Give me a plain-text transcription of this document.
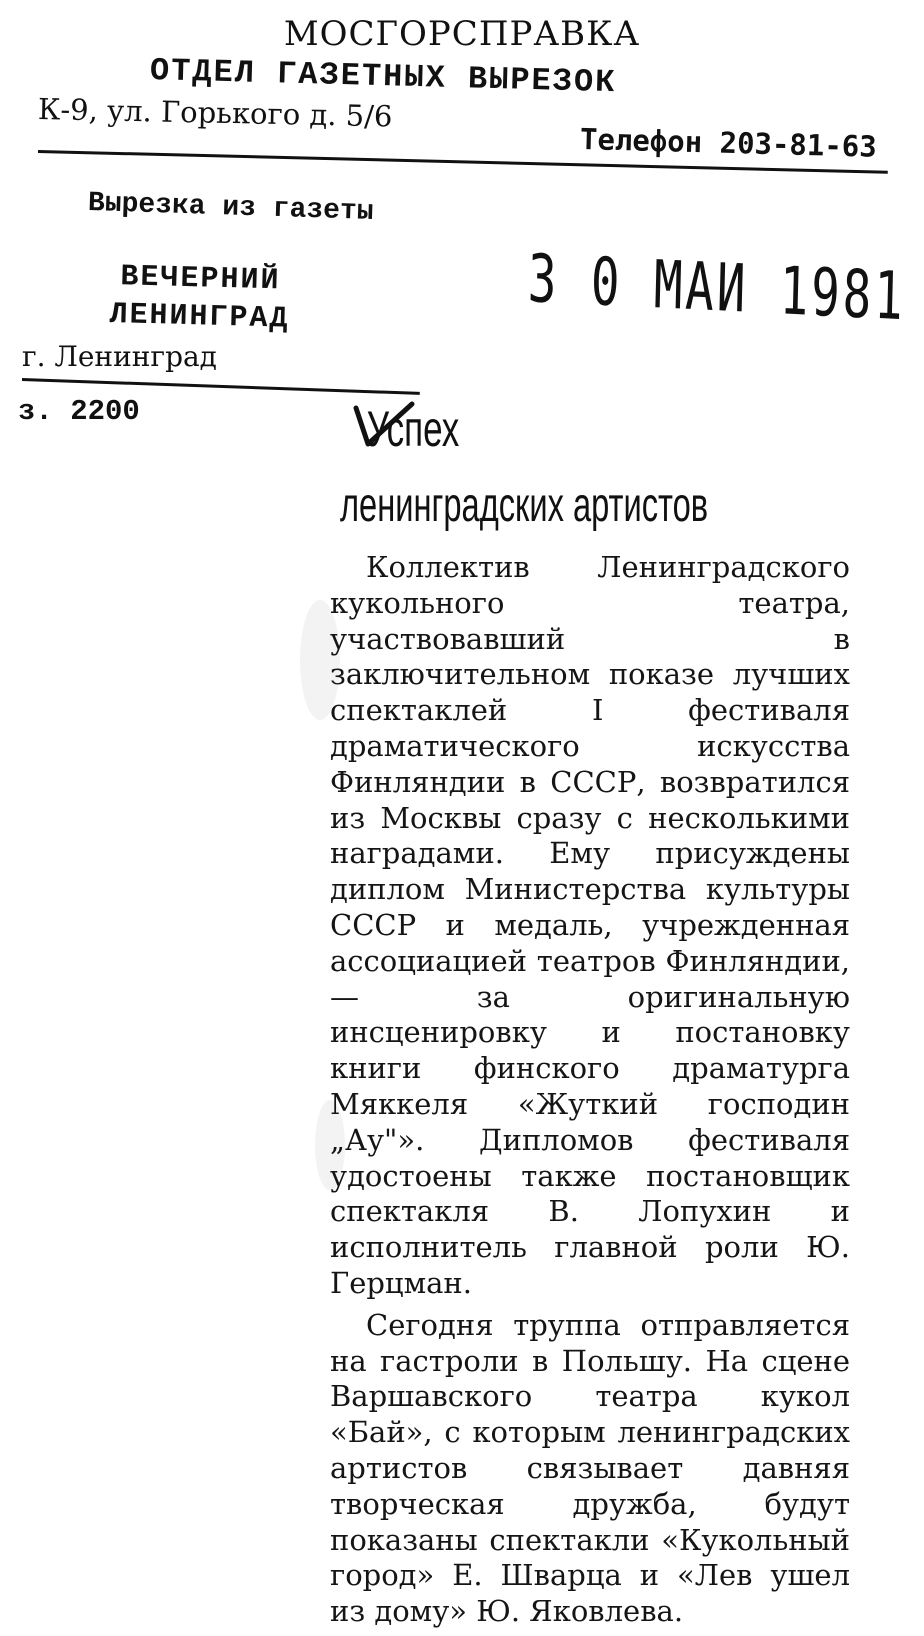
МОСГОРСПРАВКА
ОТДЕЛ ГАЗЕТНЫХ ВЫРЕЗОК
К-9, ул. Горького д. 5/6
Телефон 203-81-63
Вырезка из газеты
ВЕЧЕРНИЙ
ЛЕНИНГРАД
г. Ленинград
з. 2200
3 0 МАИ 1981
Успех
ленинградских артистов

Коллектив Ленинградского кукольного театра, участвовавший в заключительном показе лучших спектаклей I фестиваля драматического искусства Финляндии в СССР, возвратился из Москвы сразу с несколькими наградами. Ему присуждены диплом Министерства культуры СССР и медаль, учрежденная ассоциацией театров Финляндии, — за оригинальную инсценировку и постановку книги финского драматурга Мяккеля «Жуткий господин „Ау"». Дипломов фестиваля удостоены также постановщик спектакля В. Лопухин и исполнитель главной роли Ю. Герцман.

Сегодня труппа отправляется на гастроли в Польшу. На сцене Варшавского театра кукол «Бай», с которым ленинградских артистов связывает давняя творческая дружба, будут показаны спектакли «Кукольный город» Е. Шварца и «Лев ушел из дому» Ю. Яковлева.
